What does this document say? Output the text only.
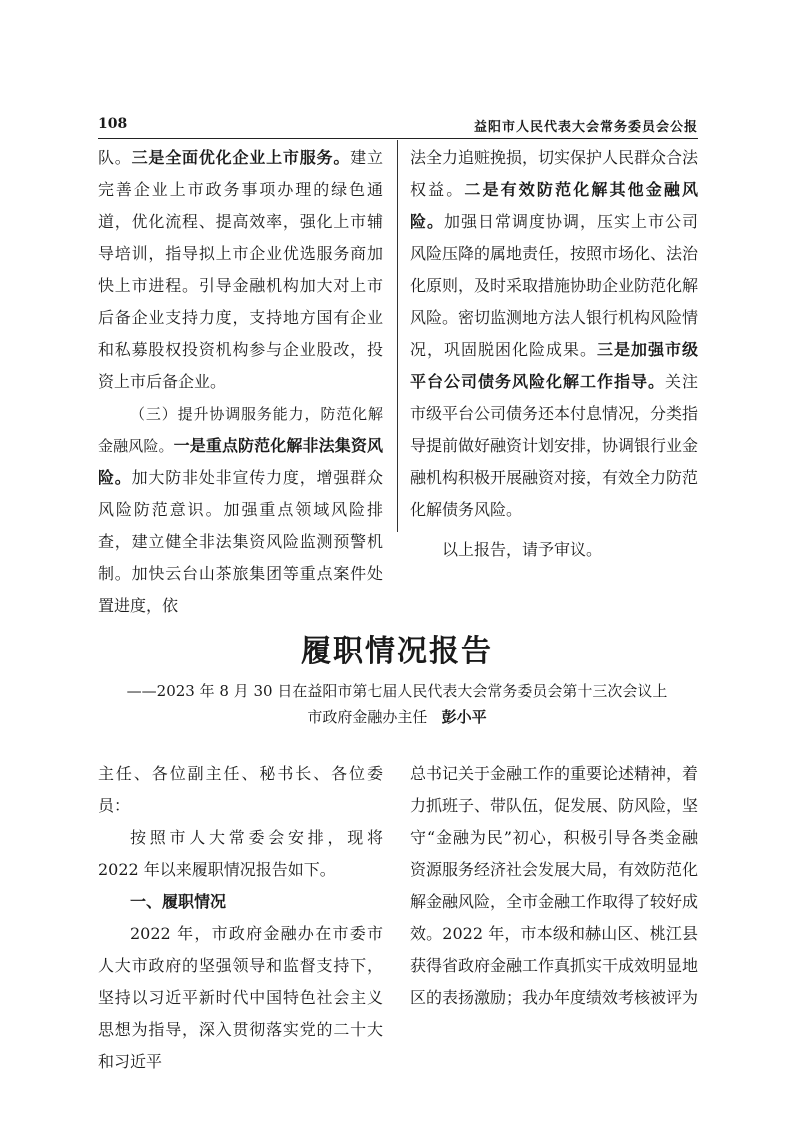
108	益阳市人民代表大会常务委员会公报

队。三是全面优化企业上市服务。建立完善企业上市政务事项办理的绿色通道，优化流程、提高效率，强化上市辅导培训，指导拟上市企业优选服务商加快上市进程。引导金融机构加大对上市后备企业支持力度，支持地方国有企业和私募股权投资机构参与企业股改，投资上市后备企业。

（三）提升协调服务能力，防范化解金融风险。一是重点防范化解非法集资风险。加大防非处非宣传力度，增强群众风险防范意识。加强重点领域风险排查，建立健全非法集资风险监测预警机制。加快云台山茶旅集团等重点案件处置进度，依

法全力追赃挽损，切实保护人民群众合法权益。二是有效防范化解其他金融风险。加强日常调度协调，压实上市公司风险压降的属地责任，按照市场化、法治化原则，及时采取措施协助企业防范化解风险。密切监测地方法人银行机构风险情况，巩固脱困化险成果。三是加强市级平台公司债务风险化解工作指导。关注市级平台公司债务还本付息情况，分类指导提前做好融资计划安排，协调银行业金融机构积极开展融资对接，有效全力防范化解债务风险。

以上报告，请予审议。

履职情况报告
——2023 年 8 月 30 日在益阳市第七届人民代表大会常务委员会第十三次会议上
市政府金融办主任 彭小平

主任、各位副主任、秘书长、各位委员：

按照市人大常委会安排，现将 2022 年以来履职情况报告如下。

一、履职情况

2022 年，市政府金融办在市委市人大市政府的坚强领导和监督支持下，坚持以习近平新时代中国特色社会主义思想为指导，深入贯彻落实党的二十大和习近平

总书记关于金融工作的重要论述精神，着力抓班子、带队伍，促发展、防风险，坚守“金融为民”初心，积极引导各类金融资源服务经济社会发展大局，有效防范化解金融风险，全市金融工作取得了较好成效。2022 年，市本级和赫山区、桃江县获得省政府金融工作真抓实干成效明显地区的表扬激励；我办年度绩效考核被评为
